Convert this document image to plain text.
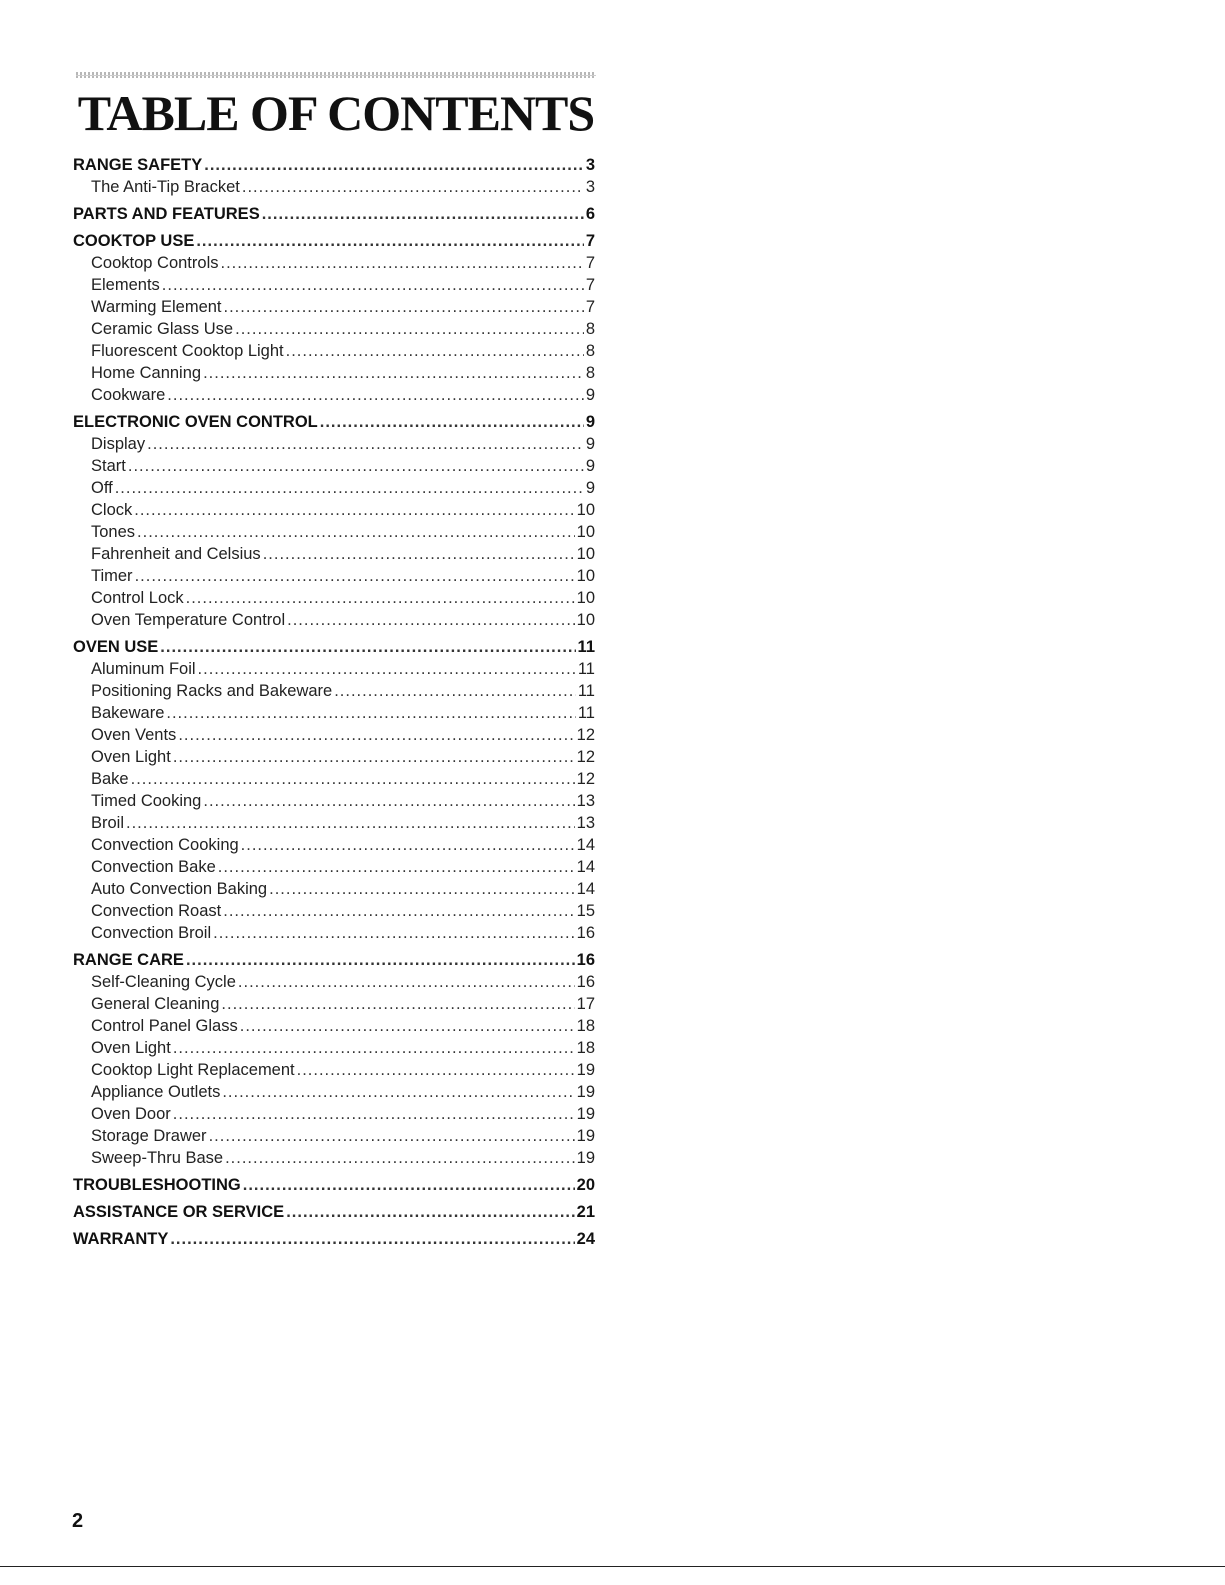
TABLE OF CONTENTS
RANGE SAFETY .....	3
The Anti-Tip Bracket .....	3
PARTS AND FEATURES .....	6
COOKTOP USE .....	7
Cooktop Controls .....	7
Elements .....	7
Warming Element .....	7
Ceramic Glass Use .....	8
Fluorescent Cooktop Light .....	8
Home Canning .....	8
Cookware .....	9
ELECTRONIC OVEN CONTROL .....	9
Display .....	9
Start .....	9
Off .....	9
Clock .....	10
Tones .....	10
Fahrenheit and Celsius .....	10
Timer .....	10
Control Lock .....	10
Oven Temperature Control .....	10
OVEN USE .....	11
Aluminum Foil .....	11
Positioning Racks and Bakeware .....	11
Bakeware .....	11
Oven Vents .....	12
Oven Light .....	12
Bake .....	12
Timed Cooking .....	13
Broil .....	13
Convection Cooking .....	14
Convection Bake .....	14
Auto Convection Baking .....	14
Convection Roast .....	15
Convection Broil .....	16
RANGE CARE .....	16
Self-Cleaning Cycle .....	16
General Cleaning .....	17
Control Panel Glass .....	18
Oven Light .....	18
Cooktop Light Replacement .....	19
Appliance Outlets .....	19
Oven Door .....	19
Storage Drawer .....	19
Sweep-Thru Base .....	19
TROUBLESHOOTING .....	20
ASSISTANCE OR SERVICE .....	21
WARRANTY .....	24
2
